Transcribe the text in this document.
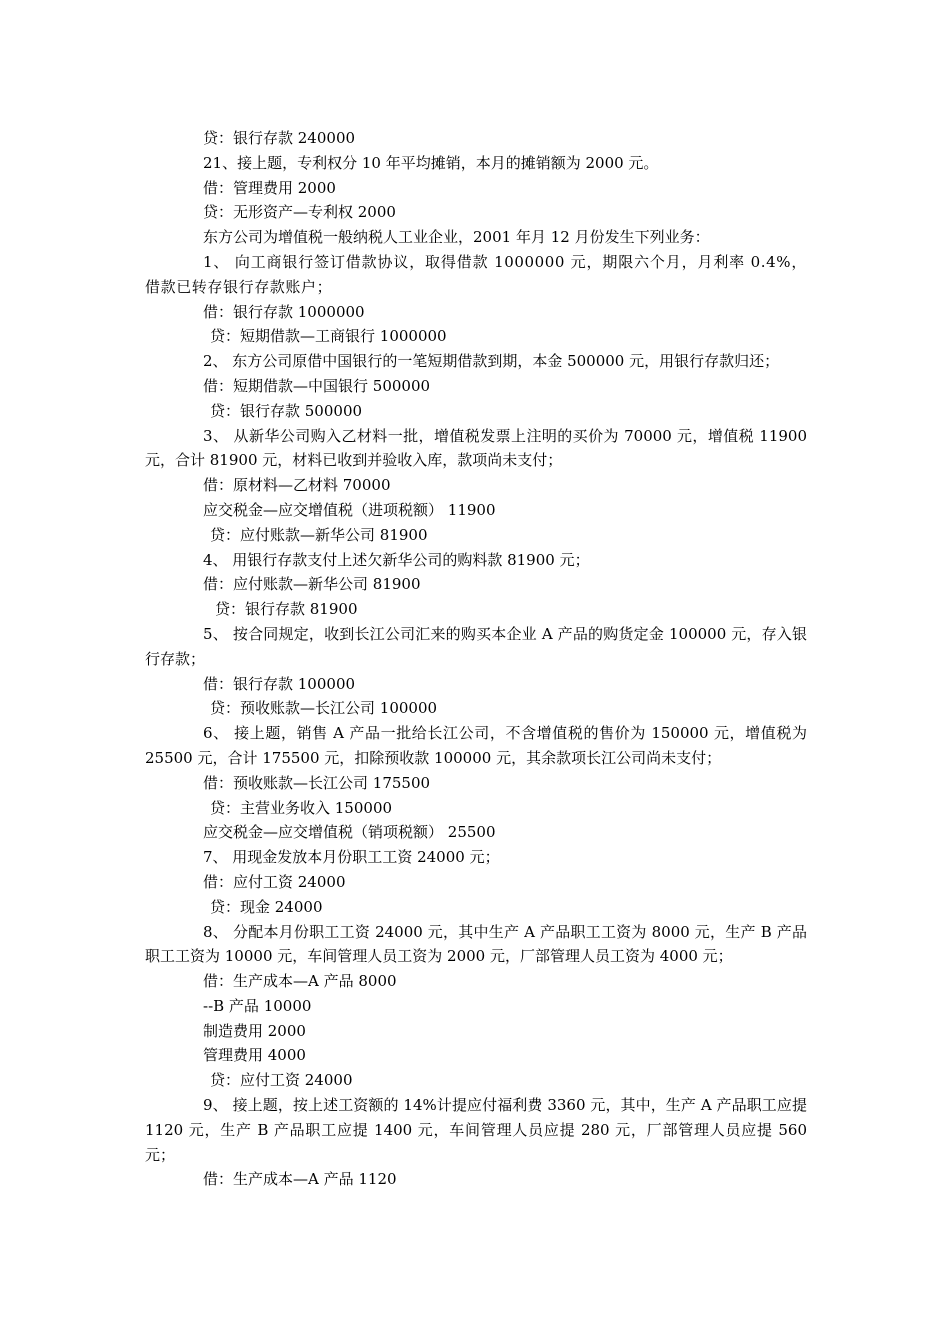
贷：银行存款 240000
21、接上题，专利权分 10 年平均摊销，本月的摊销额为 2000 元。
借：管理费用 2000
贷：无形资产—专利权 2000
东方公司为增值税一般纳税人工业企业，2001 年月 12 月份发生下列业务：
1、 向工商银行签订借款协议，取得借款 1000000 元，期限六个月，月利率 0.4%，借款已转存银行存款账户；
借：银行存款 1000000
贷：短期借款—工商银行 1000000
2、 东方公司原借中国银行的一笔短期借款到期，本金 500000 元，用银行存款归还；
借：短期借款—中国银行 500000
贷：银行存款 500000
3、 从新华公司购入乙材料一批，增值税发票上注明的买价为 70000 元，增值税 11900 元，合计 81900 元，材料已收到并验收入库，款项尚未支付；
借：原材料—乙材料 70000
应交税金—应交增值税（进项税额） 11900
贷：应付账款—新华公司 81900
4、 用银行存款支付上述欠新华公司的购料款 81900 元；
借：应付账款—新华公司 81900
贷：银行存款 81900
5、 按合同规定，收到长江公司汇来的购买本企业 A 产品的购货定金 100000 元，存入银行存款；
借：银行存款 100000
贷：预收账款—长江公司 100000
6、 接上题，销售 A 产品一批给长江公司，不含增值税的售价为 150000 元，增值税为 25500 元，合计 175500 元，扣除预收款 100000 元，其余款项长江公司尚未支付；
借：预收账款—长江公司 175500
贷：主营业务收入 150000
应交税金—应交增值税（销项税额） 25500
7、 用现金发放本月份职工工资 24000 元；
借：应付工资 24000
贷：现金 24000
8、 分配本月份职工工资 24000 元，其中生产 A 产品职工工资为 8000 元，生产 B 产品职工工资为 10000 元，车间管理人员工资为 2000 元，厂部管理人员工资为 4000 元；
借：生产成本—A 产品 8000
--B 产品 10000
制造费用 2000
管理费用 4000
贷：应付工资 24000
9、 接上题，按上述工资额的 14%计提应付福利费 3360 元，其中，生产 A 产品职工应提 1120 元，生产 B 产品职工应提 1400 元，车间管理人员应提 280 元，厂部管理人员应提 560 元；
借：生产成本—A 产品 1120
